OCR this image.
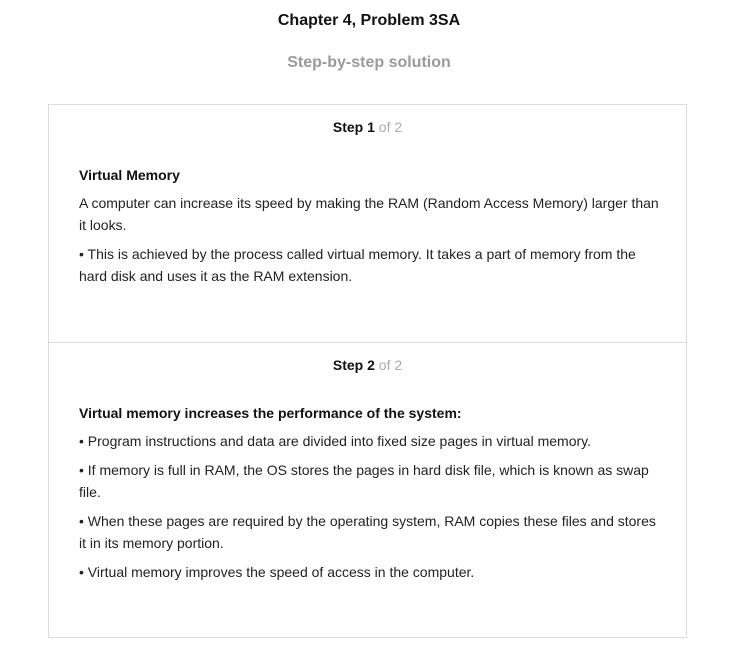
Chapter 4, Problem 3SA
Step-by-step solution
Step 1 of 2
Virtual Memory
A computer can increase its speed by making the RAM (Random Access Memory) larger than it looks.
• This is achieved by the process called virtual memory. It takes a part of memory from the hard disk and uses it as the RAM extension.
Step 2 of 2
Virtual memory increases the performance of the system:
• Program instructions and data are divided into fixed size pages in virtual memory.
• If memory is full in RAM, the OS stores the pages in hard disk file, which is known as swap file.
• When these pages are required by the operating system, RAM copies these files and stores it in its memory portion.
• Virtual memory improves the speed of access in the computer.
